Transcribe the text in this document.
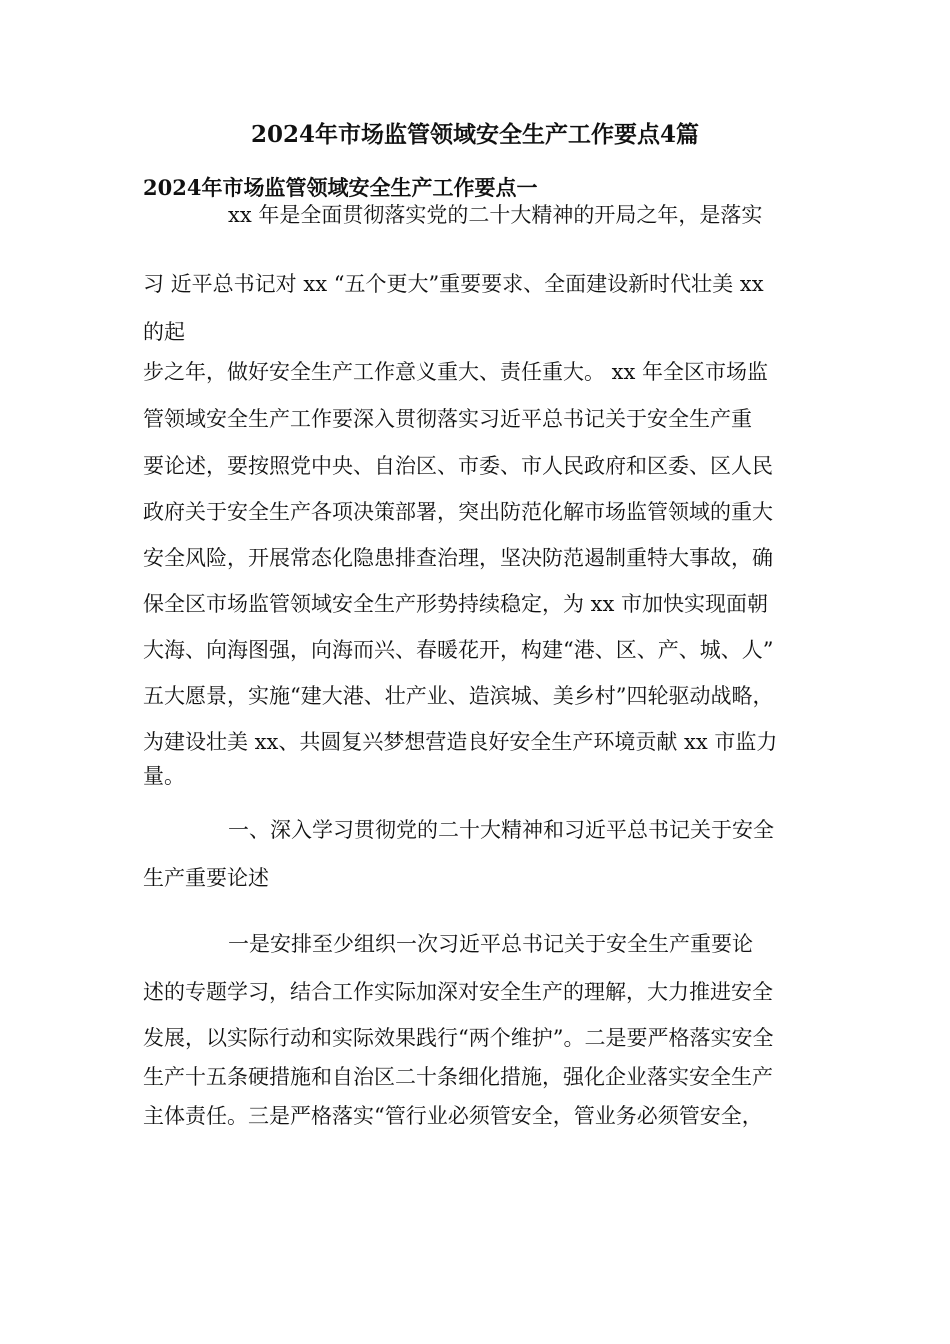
2024年市场监管领域安全生产工作要点4篇
2024年市场监管领域安全生产工作要点一
xx 年是全面贯彻落实党的二十大精神的开局之年，是落实
习 近平总书记对 xx “五个更大”重要要求、全面建设新时代壮美 xx
的起
步之年，做好安全生产工作意义重大、责任重大。 xx 年全区市场监
管领域安全生产工作要深入贯彻落实习近平总书记关于安全生产重
要论述，要按照党中央、自治区、市委、市人民政府和区委、区人民
政府关于安全生产各项决策部署，突出防范化解市场监管领域的重大
安全风险，开展常态化隐患排查治理，坚决防范遏制重特大事故，确
保全区市场监管领域安全生产形势持续稳定，为 xx 市加快实现面朝
大海、向海图强，向海而兴、春暖花开，构建“港、区、产、城、人”
五大愿景，实施“建大港、壮产业、造滨城、美乡村”四轮驱动战略，
为建设壮美 xx、共圆复兴梦想营造良好安全生产环境贡献 xx 市监力
量。
一、深入学习贯彻党的二十大精神和习近平总书记关于安全
生产重要论述
一是安排至少组织一次习近平总书记关于安全生产重要论
述的专题学习，结合工作实际加深对安全生产的理解，大力推进安全
发展，以实际行动和实际效果践行“两个维护”。二是要严格落实安全
生产十五条硬措施和自治区二十条细化措施，强化企业落实安全生产
主体责任。三是严格落实“管行业必须管安全，管业务必须管安全，
